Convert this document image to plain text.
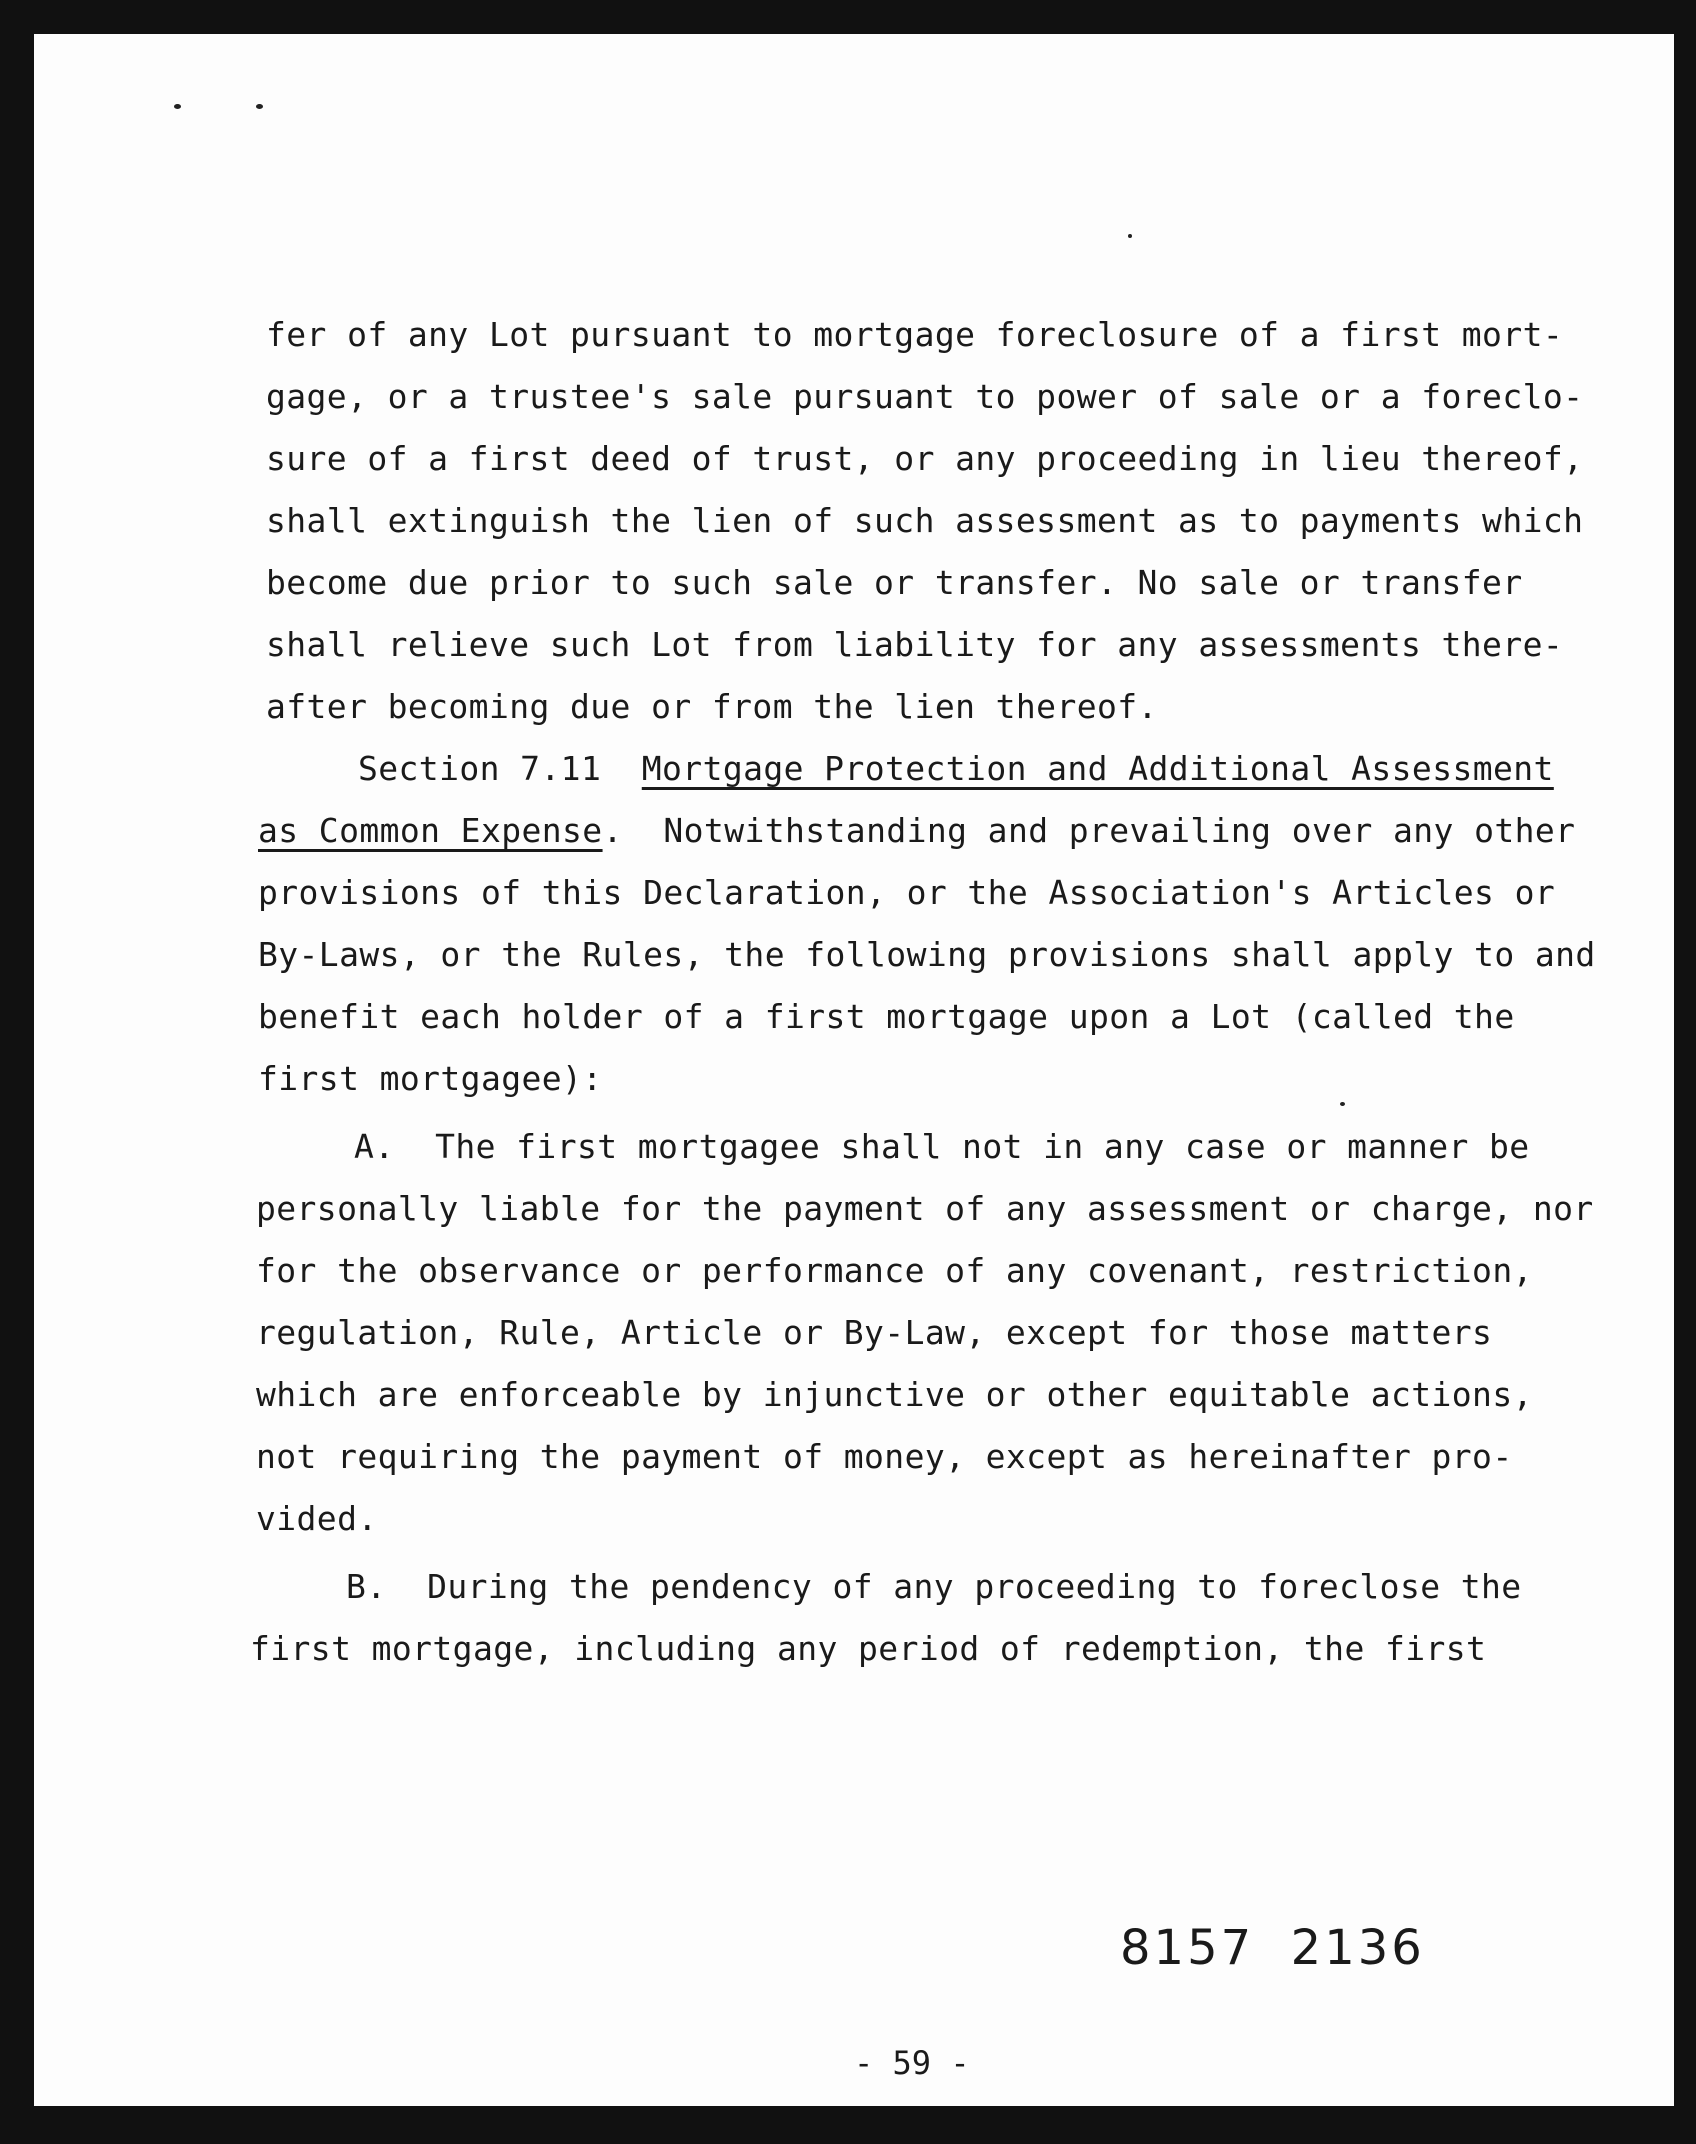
fer of any Lot pursuant to mortgage foreclosure of a first mort-
gage, or a trustee's sale pursuant to power of sale or a foreclo-
sure of a first deed of trust, or any proceeding in lieu thereof,
shall extinguish the lien of such assessment as to payments which
become due prior to such sale or transfer. No sale or transfer
shall relieve such Lot from liability for any assessments there-
after becoming due or from the lien thereof.
Section 7.11 Mortgage Protection and Additional Assessment
as Common Expense. Notwithstanding and prevailing over any other
provisions of this Declaration, or the Association's Articles or
By-Laws, or the Rules, the following provisions shall apply to and
benefit each holder of a first mortgage upon a Lot (called the
first mortgagee):
A. The first mortgagee shall not in any case or manner be
personally liable for the payment of any assessment or charge, nor
for the observance or performance of any covenant, restriction,
regulation, Rule, Article or By-Law, except for those matters
which are enforceable by injunctive or other equitable actions,
not requiring the payment of money, except as hereinafter pro-
vided.
B. During the pendency of any proceeding to foreclose the
first mortgage, including any period of redemption, the first
8157  2136
- 59 -
